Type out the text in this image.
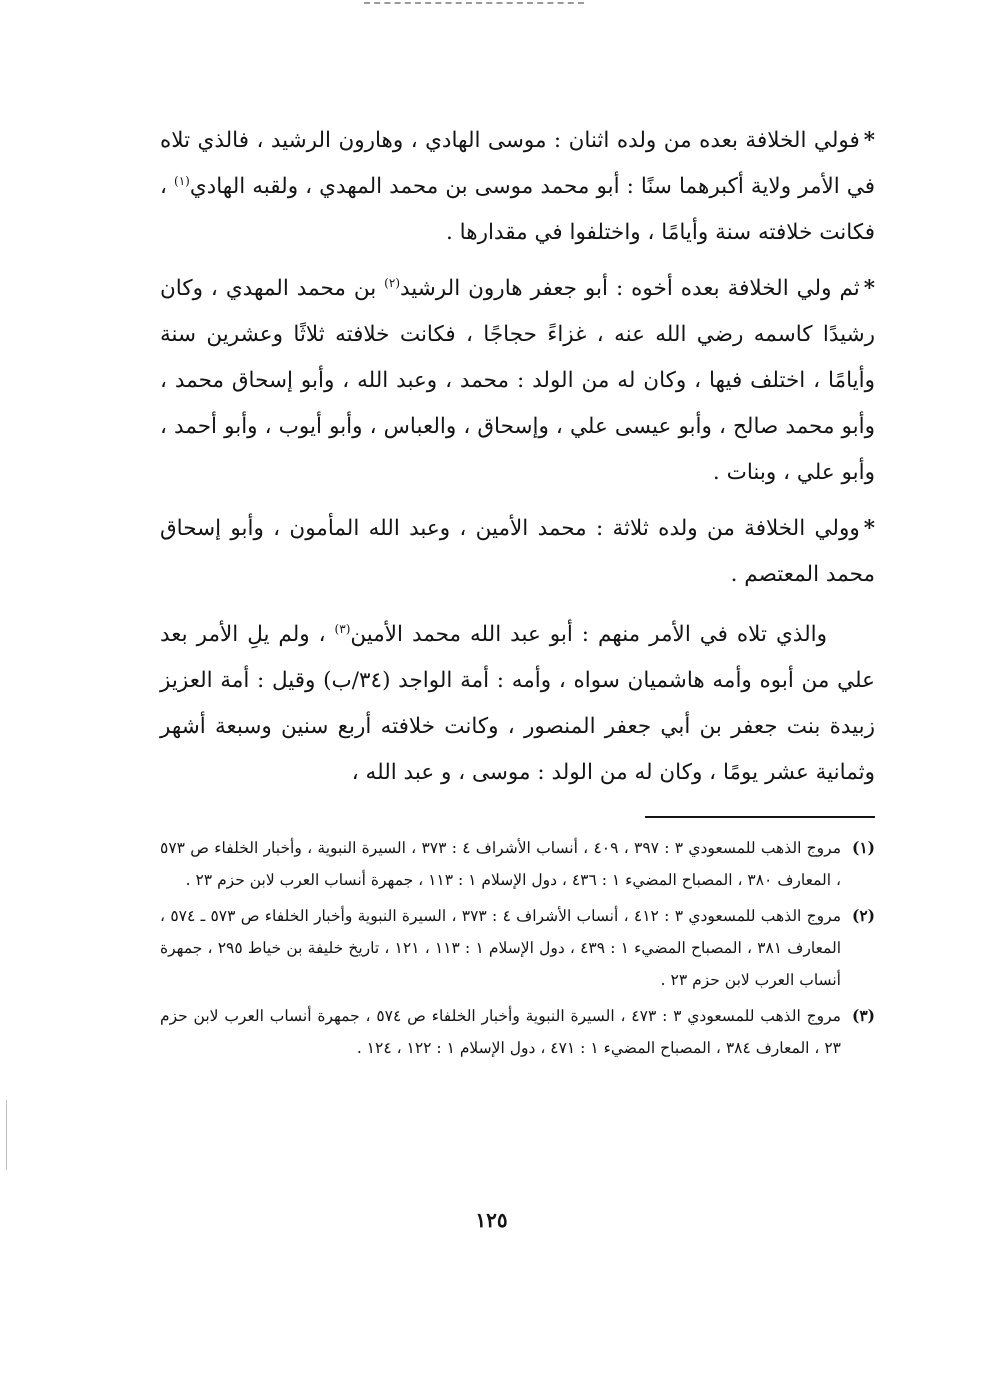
*فولي الخلافة بعده من ولده اثنان : موسى الهادي ، وهارون الرشيد ، فالذي تلاه في الأمر ولاية أكبرهما سنًا : أبو محمد موسى بن محمد المهدي ، ولقبه الهادي$^{(١)}$ ، فكانت خلافته سنة وأيامًا ، واختلفوا في مقدارها .

*ثم ولي الخلافة بعده أخوه : أبو جعفر هارون الرشيد$^{(٢)}$ بن محمد المهدي ، وكان رشيدًا كاسمه رضي الله عنه ، غزاءً حجاجًا ، فكانت خلافته ثلاثًا وعشرين سنة وأيامًا ، اختلف فيها ، وكان له من الولد : محمد ، وعبد الله ، وأبو إسحاق محمد ، وأبو محمد صالح ، وأبو عيسى علي ، وإسحاق ، والعباس ، وأبو أيوب ، وأبو أحمد ، وأبو علي ، وبنات .

*وولي الخلافة من ولده ثلاثة : محمد الأمين ، وعبد الله المأمون ، وأبو إسحاق محمد المعتصم .

والذي تلاه في الأمر منهم : أبو عبد الله محمد الأمين$^{(٣)}$ ، ولم يلِ الأمر بعد علي من أبوه وأمه هاشميان سواه ، وأمه : أمة الواجد (٣٤/ب) وقيل : أمة العزيز زبيدة بنت جعفر بن أبي جعفر المنصور ، وكانت خلافته أربع سنين وسبعة أشهر وثمانية عشر يومًا ، وكان له من الولد : موسى ، و عبد الله ،

(١)
مروج الذهب للمسعودي ٣ : ٣٩٧ ، ٤٠٩ ، أنساب الأشراف ٤ : ٣٧٣ ، السيرة النبوية ، وأخبار الخلفاء ص ٥٧٣ ، المعارف ٣٨٠ ، المصباح المضيء ١ : ٤٣٦ ، دول الإسلام ١ : ١١٣ ، جمهرة أنساب العرب لابن حزم ٢٣ .
(٢)
مروج الذهب للمسعودي ٣ : ٤١٢ ، أنساب الأشراف ٤ : ٣٧٣ ، السيرة النبوية وأخبار الخلفاء ص ٥٧٣ ـ ٥٧٤ ، المعارف ٣٨١ ، المصباح المضيء ١ : ٤٣٩ ، دول الإسلام ١ : ١١٣ ، ١٢١ ، تاريخ خليفة بن خياط ٢٩٥ ، جمهرة أنساب العرب لابن حزم ٢٣ .
(٣)
مروج الذهب للمسعودي ٣ : ٤٧٣ ، السيرة النبوية وأخبار الخلفاء ص ٥٧٤ ، جمهرة أنساب العرب لابن حزم ٢٣ ، المعارف ٣٨٤ ، المصباح المضيء ١ : ٤٧١ ، دول الإسلام ١ : ١٢٢ ، ١٢٤ .
١٢٥
